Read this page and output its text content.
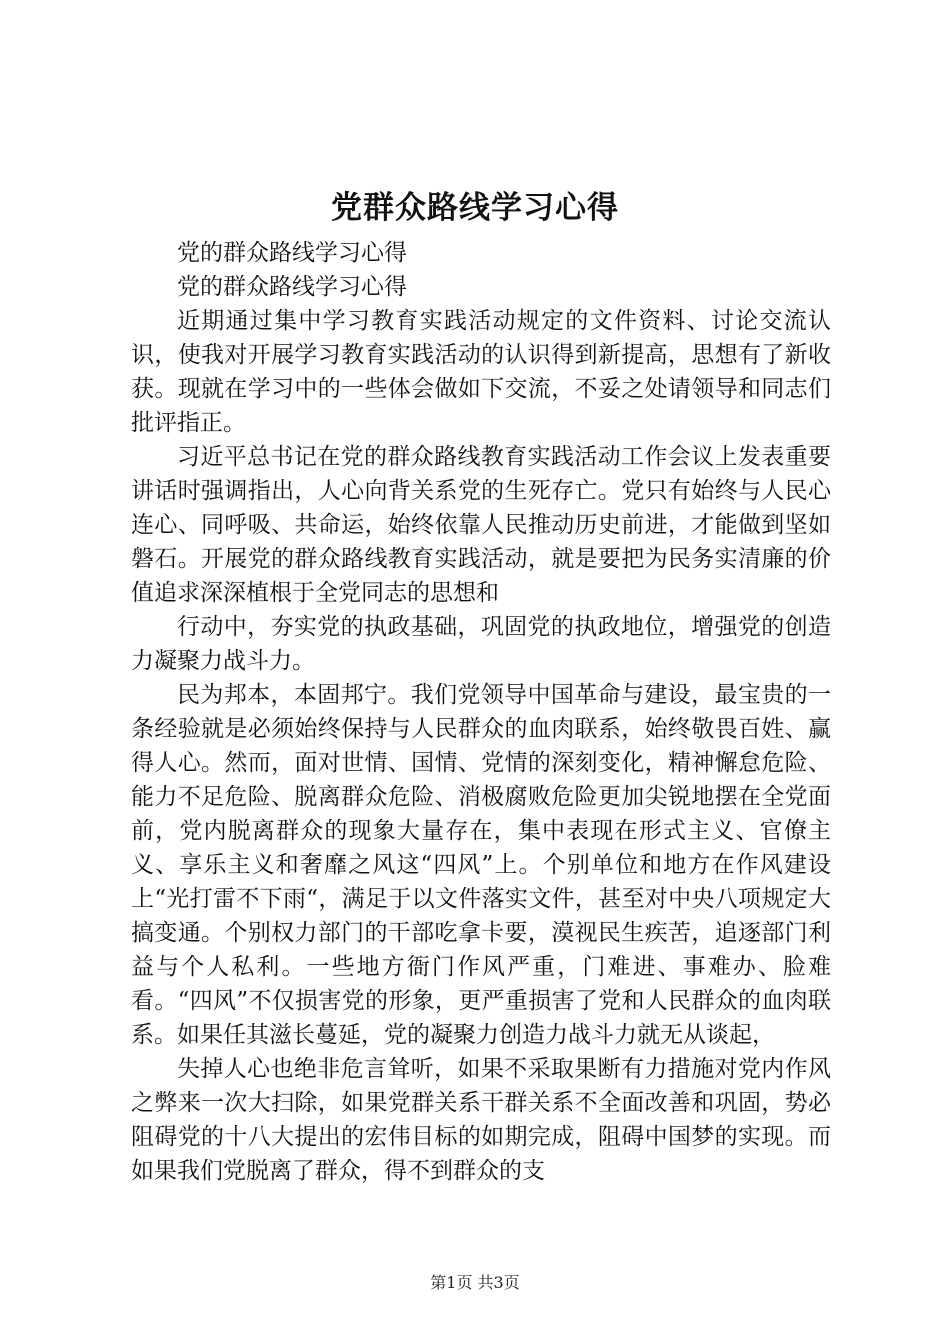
党群众路线学习心得

党的群众路线学习心得

党的群众路线学习心得

近期通过集中学习教育实践活动规定的文件资料、讨论交流认识，使我对开展学习教育实践活动的认识得到新提高，思想有了新收获。现就在学习中的一些体会做如下交流，不妥之处请领导和同志们批评指正。

习近平总书记在党的群众路线教育实践活动工作会议上发表重要讲话时强调指出，人心向背关系党的生死存亡。党只有始终与人民心连心、同呼吸、共命运，始终依靠人民推动历史前进，才能做到坚如磐石。开展党的群众路线教育实践活动，就是要把为民务实清廉的价值追求深深植根于全党同志的思想和

行动中，夯实党的执政基础，巩固党的执政地位，增强党的创造力凝聚力战斗力。

民为邦本，本固邦宁。我们党领导中国革命与建设，最宝贵的一条经验就是必须始终保持与人民群众的血肉联系，始终敬畏百姓、赢得人心。然而，面对世情、国情、党情的深刻变化，精神懈怠危险、能力不足危险、脱离群众危险、消极腐败危险更加尖锐地摆在全党面前，党内脱离群众的现象大量存在，集中表现在形式主义、官僚主义、享乐主义和奢靡之风这“四风”上。个别单位和地方在作风建设上“光打雷不下雨“，满足于以文件落实文件，甚至对中央八项规定大搞变通。个别权力部门的干部吃拿卡要，漠视民生疾苦，追逐部门利益与个人私利。一些地方衙门作风严重，门难进、事难办、脸难看。“四风”不仅损害党的形象，更严重损害了党和人民群众的血肉联系。如果任其滋长蔓延，党的凝聚力创造力战斗力就无从谈起，

失掉人心也绝非危言耸听，如果不采取果断有力措施对党内作风之弊来一次大扫除，如果党群关系干群关系不全面改善和巩固，势必阻碍党的十八大提出的宏伟目标的如期完成，阻碍中国梦的实现。而如果我们党脱离了群众，得不到群众的支

第1页 共3页
